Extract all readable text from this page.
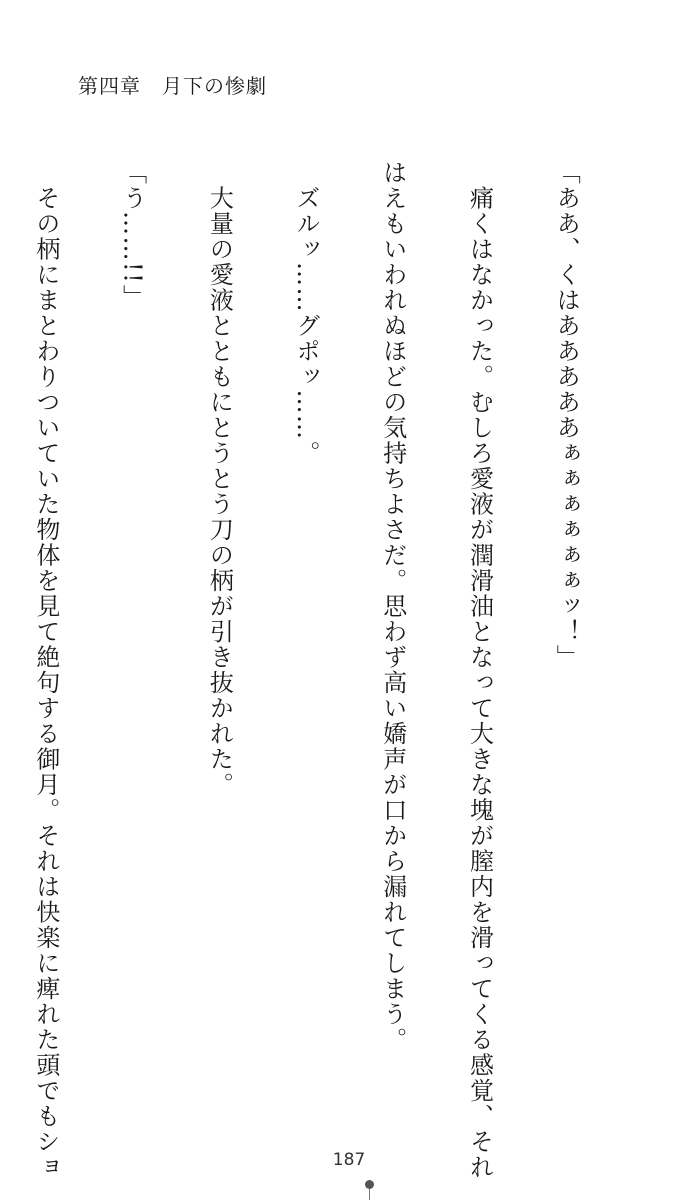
第四章　月下の惨劇

「ああ、くはあああああぁぁぁぁぁぁッ！」

　痛くはなかった。むしろ愛液が潤滑油となって大きな塊が膣内を滑ってくる感覚、それ

はえもいわれぬほどの気持ちよさだ。思わず高い嬌声が口から漏れてしまう。

　ズルッ……グポッ……。

　大量の愛液とともにとうとう刀の柄が引き抜かれた。

「う……!!」

　その柄にまとわりついていた物体を見て絶句する御月。それは快楽に痺れた頭でもショ

	187
